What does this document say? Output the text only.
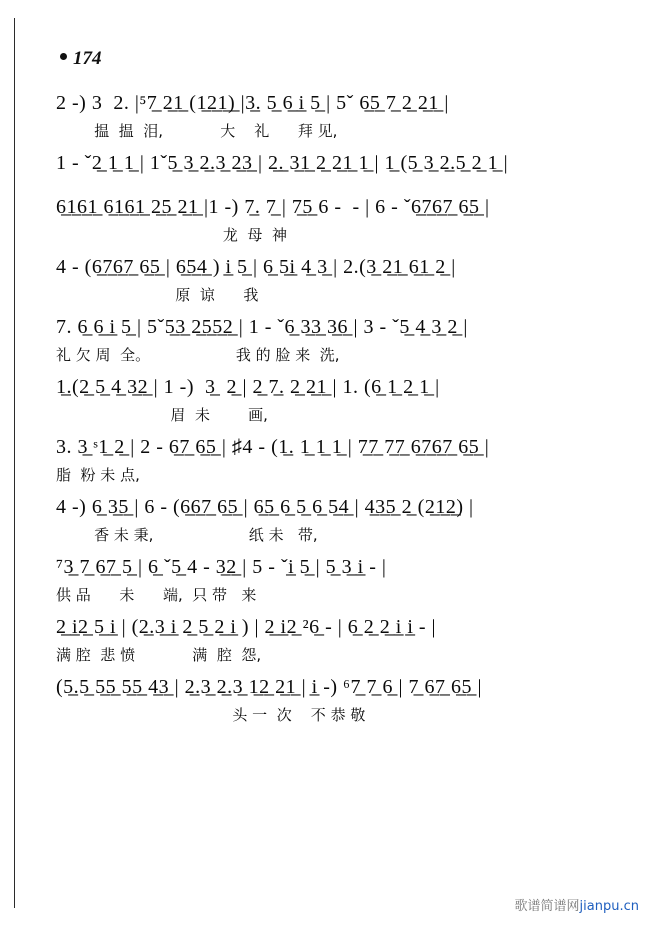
174
2 -) 3  2. |⁵7̲ 2̲1̲ (1̲2̲1̲)̲ |3̲. 5̲ 6̲ i̲ 5̲ | 5ˇ 6̲5̲ 7̲ 2̲ 2̲1̲ |
揾  揾  泪,            大    礼      拜 见,
1 - ˇ2̲ 1̲ 1̲ | 1ˇ5̲ 3̲ 2̲.3̲ 2̲3̲ | 2̲.̲ 3̲1̲ 2̲ 2̲1̲ 1̲ | 1̲ (5̲ 3̲ 2̲.5̲ 2̲ 1̲ |
6̲1̲6̲1̲ 6̲1̲6̲1̲ 2̲5̲ 2̲1̲ |1 -) 7̲. 7̲ | 7̲5̲ 6 -  - | 6 - ˇ6̲7̲6̲7̲ 6̲5̲ |
龙  母  神
4 - (6̲7̲6̲7̲ 6̲5̲ | 6̲5̲4̲ ) i̲ 5̲ | 6̲ 5̲i̲ 4̲ 3̲ | 2.(3̲ 2̲1̲ 6̲1̲ 2̲ |
原  谅      我
7. 6̲ 6̲ i̲ 5̲ | 5ˇ5̲3̲ 2̲5̲5̲2̲ | 1 - ˇ6̲ 3̲3̲ 3̲6̲ | 3 - ˇ5̲ 4̲ 3̲ 2̲ |
礼 欠 周  全。                  我 的 脸 来  洗,
1̲.(2̲ 5̲ 4̲ 3̲2̲ | 1 -)  3̲  2̲ | 2̲ 7̲. 2̲ 2̲1̲ | 1. (6̲ 1̲ 2̲ 1̲ |
眉  未        画,
3. 3̲ ˢ1̲ 2̲ | 2 - 6̲7̲ 6̲5̲ | ♯4 - (1̲. 1̲ 1̲ 1̲ | 7̲7̲ 7̲7̲ 6̲7̲6̲7̲ 6̲5̲ |
脂  粉 未 点,
4 -) 6̲ 3̲5̲ | 6 - (6̲6̲7̲ 6̲5̲ | 6̲5̲ 6̲ 5̲ 6̲ 5̲4̲ | 4̲3̲5̲ 2̲ (2̲1̲2̲) |
香 未 秉,                    纸 未   带,
⁷3̲ 7̲ 6̲7̲ 5̲ | 6̲ ˇ5̲ 4 - 3̲2̲ | 5 - ˇi̲ 5̲ | 5̲ 3̲ i̲ - |
供 品      未      端,  只 带   来
2̲ i̲2̲ 5̲ i̲ | (2̲.3̲ i̲ 2̲ 5̲ 2̲ i̲ ) | 2̲ i̲2̲ ²6̲ - | 6̲ 2̲ 2̲ i̲ i̲ - |
满 腔  悲 愤            满  腔  怨,
(5̲.5̲ 5̲5̲ 5̲5̲ 4̲3̲ | 2̲.3̲ 2̲.3̲ 1̲2̲ 2̲1̲ | i̲ -) ⁶7̲ 7̲ 6̲ | 7̲ 6̲7̲ 6̲5̲ |
头 一  次    不 恭 敬
歌谱简谱网jianpu.cn
